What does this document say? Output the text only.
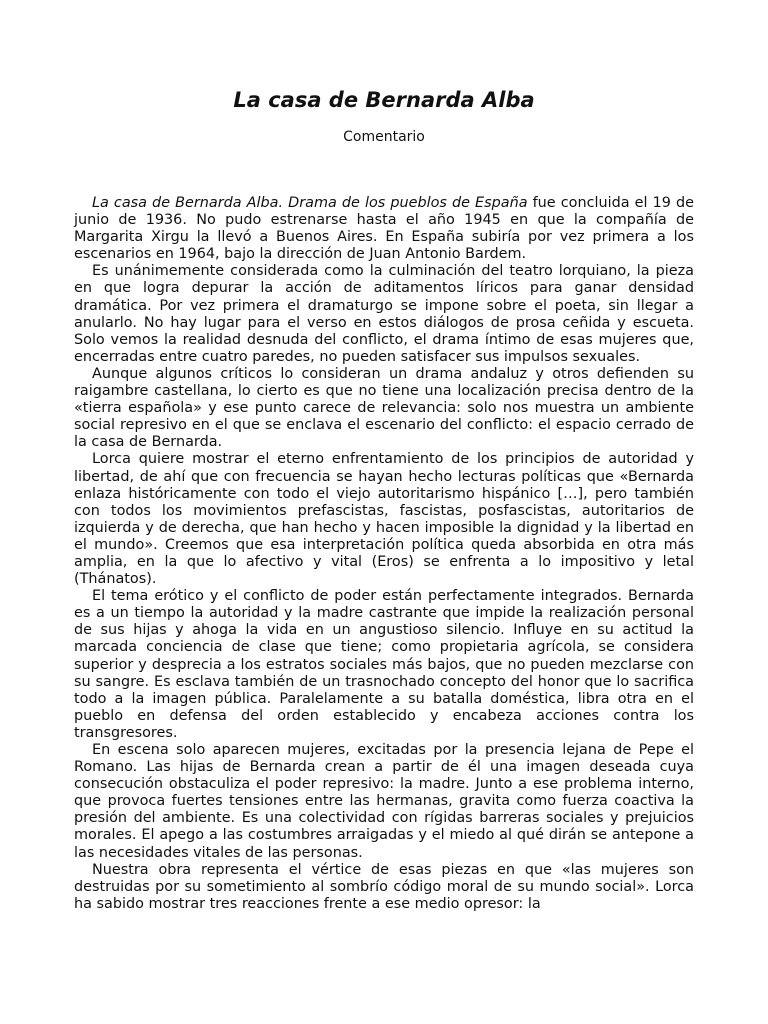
La casa de Bernarda Alba

Comentario

La casa de Bernarda Alba. Drama de los pueblos de España fue concluida el 19 de junio de 1936. No pudo estrenarse hasta el año 1945 en que la compañía de Margarita Xirgu la llevó a Buenos Aires. En España subiría por vez primera a los escenarios en 1964, bajo la dirección de Juan Antonio Bardem.

Es unánimemente considerada como la culminación del teatro lorquiano, la pieza en que logra depurar la acción de aditamentos líricos para ganar densidad dramática. Por vez primera el dramaturgo se impone sobre el poeta, sin llegar a anularlo. No hay lugar para el verso en estos diálogos de prosa ceñida y escueta. Solo vemos la realidad desnuda del conflicto, el drama íntimo de esas mujeres que, encerradas entre cuatro paredes, no pueden satisfacer sus impulsos sexuales.

Aunque algunos críticos lo consideran un drama andaluz y otros defienden su raigambre castellana, lo cierto es que no tiene una localización precisa dentro de la «tierra española» y ese punto carece de relevancia: solo nos muestra un ambiente social represivo en el que se enclava el escenario del conflicto: el espacio cerrado de la casa de Bernarda.

Lorca quiere mostrar el eterno enfrentamiento de los principios de autoridad y libertad, de ahí que con frecuencia se hayan hecho lecturas políticas que «Bernarda enlaza históricamente con todo el viejo autoritarismo hispánico […], pero también con todos los movimientos prefascistas, fascistas, posfascistas, autoritarios de izquierda y de derecha, que han hecho y hacen imposible la dignidad y la libertad en el mundo». Creemos que esa interpretación política queda absorbida en otra más amplia, en la que lo afectivo y vital (Eros) se enfrenta a lo impositivo y letal (Thánatos).

El tema erótico y el conflicto de poder están perfectamente integrados. Bernarda es a un tiempo la autoridad y la madre castrante que impide la realización personal de sus hijas y ahoga la vida en un angustioso silencio. Influye en su actitud la marcada conciencia de clase que tiene; como propietaria agrícola, se considera superior y desprecia a los estratos sociales más bajos, que no pueden mezclarse con su sangre. Es esclava también de un trasnochado concepto del honor que lo sacrifica todo a la imagen pública. Paralelamente a su batalla doméstica, libra otra en el pueblo en defensa del orden establecido y encabeza acciones contra los transgresores.

En escena solo aparecen mujeres, excitadas por la presencia lejana de Pepe el Romano. Las hijas de Bernarda crean a partir de él una imagen deseada cuya consecución obstaculiza el poder represivo: la madre. Junto a ese problema interno, que provoca fuertes tensiones entre las hermanas, gravita como fuerza coactiva la presión del ambiente. Es una colectividad con rígidas barreras sociales y prejuicios morales. El apego a las costumbres arraigadas y el miedo al qué dirán se antepone a las necesidades vitales de las personas.

Nuestra obra representa el vértice de esas piezas en que «las mujeres son destruidas por su sometimiento al sombrío código moral de su mundo social». Lorca ha sabido mostrar tres reacciones frente a ese medio opresor: la
